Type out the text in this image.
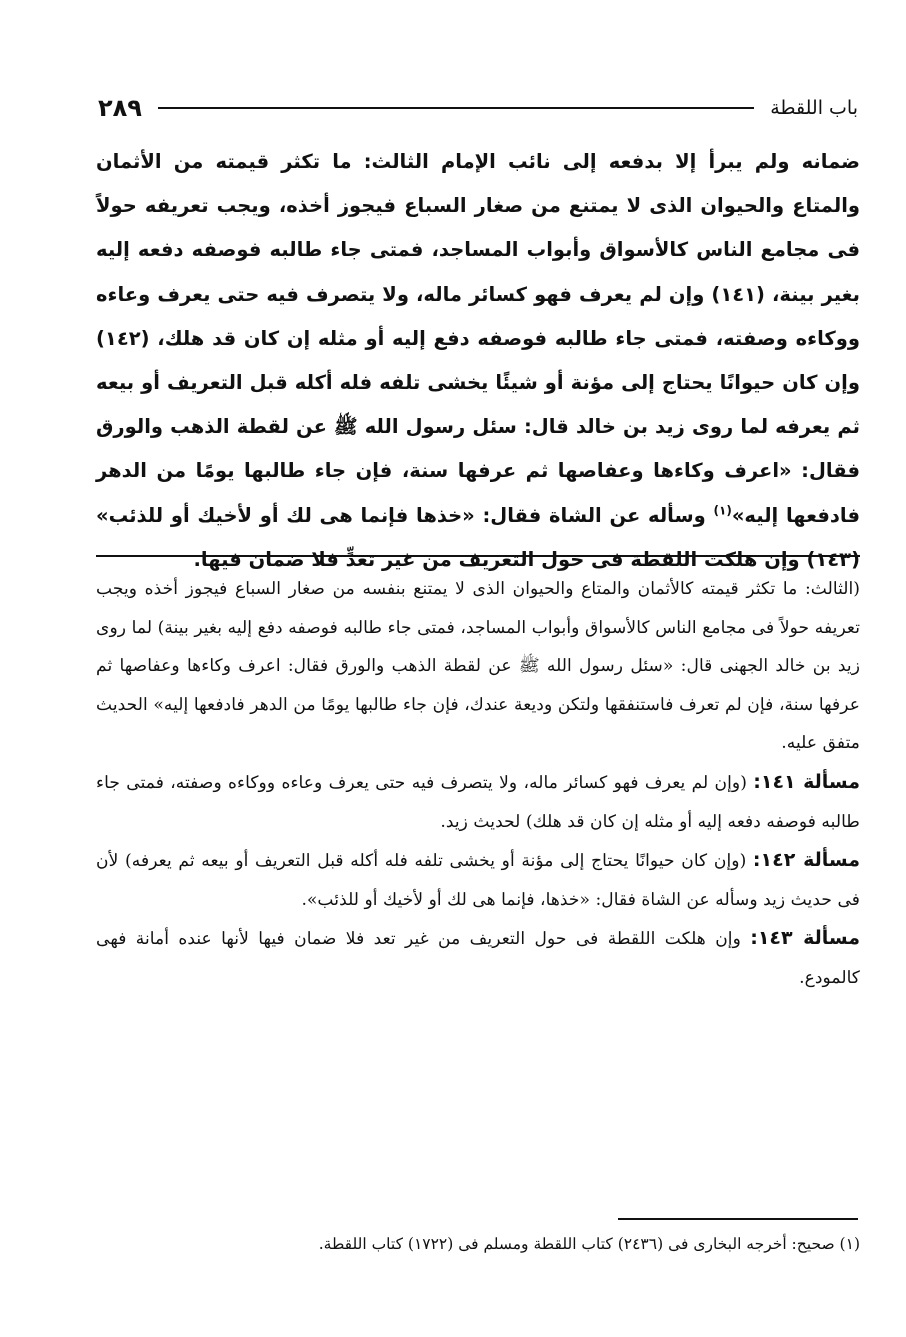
باب اللقطة
٢٨٩

ضمانه ولم يبرأ إلا بدفعه إلى نائب الإمام الثالث: ما تكثر قيمته من الأثمان والمتاع والحيوان الذى لا يمتنع من صغار السباع فيجوز أخذه، ويجب تعريفه حولاً فى مجامع الناس كالأسواق وأبواب المساجد، فمتى جاء طالبه فوصفه دفعه إليه بغير بينة، (١٤١) وإن لم يعرف فهو كسائر ماله، ولا يتصرف فيه حتى يعرف وعاءه ووكاءه وصفته، فمتى جاء طالبه فوصفه دفع إليه أو مثله إن كان قد هلك، (١٤٢) وإن كان حيوانًا يحتاج إلى مؤنة أو شيئًا يخشى تلفه فله أكله قبل التعريف أو بيعه ثم يعرفه لما روى زيد بن خالد قال: سئل رسول الله ﷺ عن لقطة الذهب والورق فقال: «اعرف وكاءها وعفاصها ثم عرفها سنة، فإن جاء طالبها يومًا من الدهر فادفعها إليه»$^{(١)}$ وسأله عن الشاة فقال: «خذها فإنما هى لك أو لأخيك أو للذئب» (١٤٣) وإن هلكت اللقطة فى حول التعريف من غير تعدٍّ فلا ضمان فيها.

(الثالث: ما تكثر قيمته كالأثمان والمتاع والحيوان الذى لا يمتنع بنفسه من صغار السباع فيجوز أخذه ويجب تعريفه حولاً فى مجامع الناس كالأسواق وأبواب المساجد، فمتى جاء طالبه فوصفه دفع إليه بغير بينة) لما روى زيد بن خالد الجهنى قال: «سئل رسول الله ﷺ عن لقطة الذهب والورق فقال: اعرف وكاءها وعفاصها ثم عرفها سنة، فإن لم تعرف فاستنفقها ولتكن وديعة عندك، فإن جاء طالبها يومًا من الدهر فادفعها إليه» الحديث متفق عليه.

مسألة ١٤١: (وإن لم يعرف فهو كسائر ماله، ولا يتصرف فيه حتى يعرف وعاءه ووكاءه وصفته، فمتى جاء طالبه فوصفه دفعه إليه أو مثله إن كان قد هلك) لحديث زيد.

مسألة ١٤٢: (وإن كان حيوانًا يحتاج إلى مؤنة أو يخشى تلفه فله أكله قبل التعريف أو بيعه ثم يعرفه) لأن فى حديث زيد وسأله عن الشاة فقال: «خذها، فإنما هى لك أو لأخيك أو للذئب».

مسألة ١٤٣: وإن هلكت اللقطة فى حول التعريف من غير تعد فلا ضمان فيها لأنها عنده أمانة فهى كالمودع.

(١) صحيح: أخرجه البخارى فى (٢٤٣٦) كتاب اللقطة ومسلم فى (١٧٢٢) كتاب اللقطة.
